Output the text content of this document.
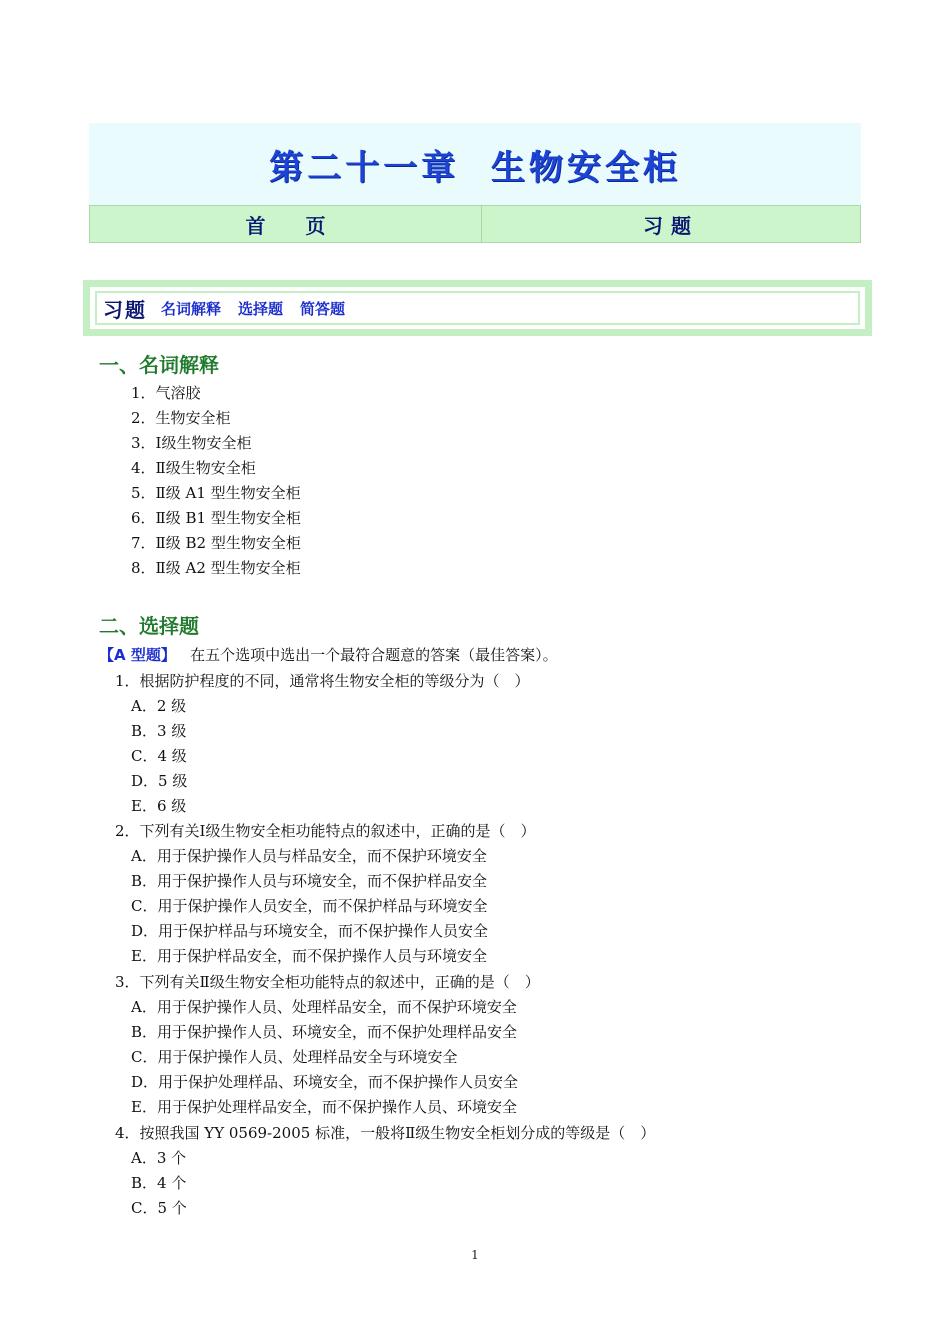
第二十一章  生物安全柜
首页	习题
习题 名词解释 选择题 简答题
一、名词解释
1．气溶胶
2．生物安全柜
3．Ⅰ级生物安全柜
4．Ⅱ级生物安全柜
5．Ⅱ级 A1 型生物安全柜
6．Ⅱ级 B1 型生物安全柜
7．Ⅱ级 B2 型生物安全柜
8．Ⅱ级 A2 型生物安全柜
二、选择题
【A 型题】 在五个选项中选出一个最符合题意的答案（最佳答案）。
1．根据防护程度的不同，通常将生物安全柜的等级分为（　）
A．2 级
B．3 级
C．4 级
D．5 级
E．6 级
2．下列有关Ⅰ级生物安全柜功能特点的叙述中，正确的是（　）
A．用于保护操作人员与样品安全，而不保护环境安全
B．用于保护操作人员与环境安全，而不保护样品安全
C．用于保护操作人员安全，而不保护样品与环境安全
D．用于保护样品与环境安全，而不保护操作人员安全
E．用于保护样品安全，而不保护操作人员与环境安全
3．下列有关Ⅱ级生物安全柜功能特点的叙述中，正确的是（　）
A．用于保护操作人员、处理样品安全，而不保护环境安全
B．用于保护操作人员、环境安全，而不保护处理样品安全
C．用于保护操作人员、处理样品安全与环境安全
D．用于保护处理样品、环境安全，而不保护操作人员安全
E．用于保护处理样品安全，而不保护操作人员、环境安全
4．按照我国 YY 0569-2005 标准，一般将Ⅱ级生物安全柜划分成的等级是（　）
A．3 个
B．4 个
C．5 个
1
